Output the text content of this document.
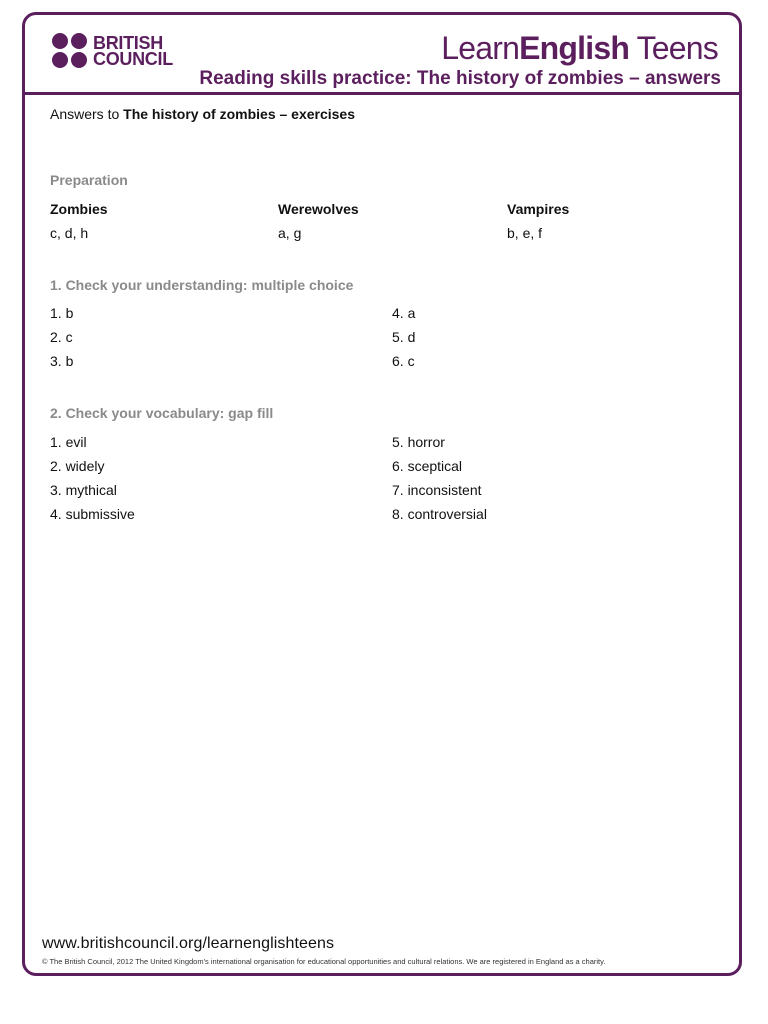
BRITISH
COUNCIL	LearnEnglish Teens
Reading skills practice: The history of zombies – answers
Answers to The history of zombies – exercises
Preparation
Zombies	Werewolves	Vampires
c, d, h	a, g	b, e, f
1. Check your understanding: multiple choice
1. b
2. c
3. b
4. a
5. d
6. c
2. Check your vocabulary: gap fill
1. evil
2. widely
3. mythical
4. submissive
5. horror
6. sceptical
7. inconsistent
8. controversial
www.britishcouncil.org/learnenglishteens
© The British Council, 2012 The United Kingdom's international organisation for educational opportunities and cultural relations. We are registered in England as a charity.
